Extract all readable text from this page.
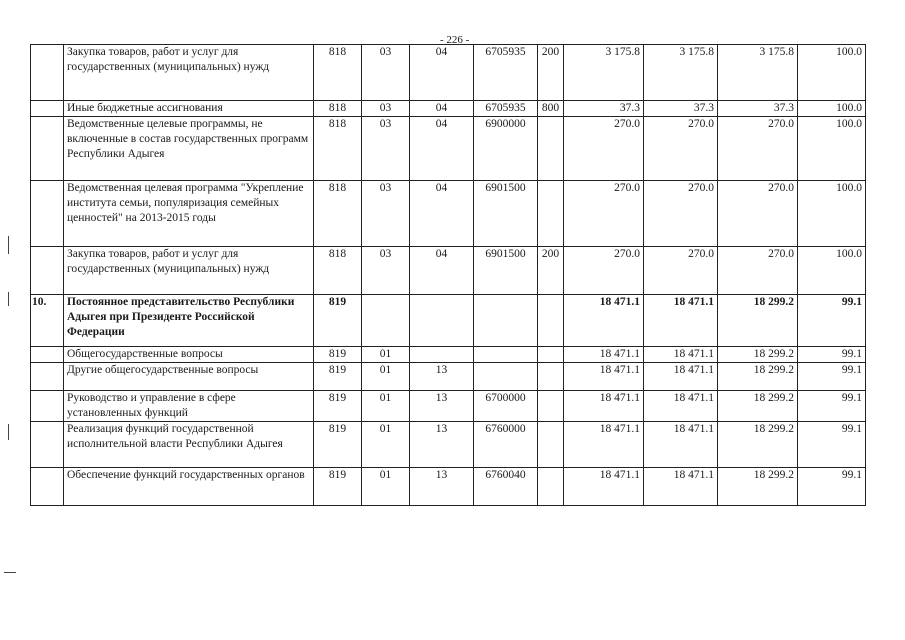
- 226 -
	Закупка товаров, работ и услуг для государственных (муниципальных) нужд	818	03	04	6705935	200	3 175.8	3 175.8	3 175.8	100.0
	Иные бюджетные ассигнования	818	03	04	6705935	800	37.3	37.3	37.3	100.0
	Ведомственные целевые программы, не включенные в состав государственных программ Республики Адыгея	818	03	04	6900000		270.0	270.0	270.0	100.0
	Ведомственная целевая программа "Укрепление института семьи, популяризация семейных ценностей" на 2013-2015 годы	818	03	04	6901500		270.0	270.0	270.0	100.0
	Закупка товаров, работ и услуг для государственных (муниципальных) нужд	818	03	04	6901500	200	270.0	270.0	270.0	100.0
10.	Постоянное представительство Республики Адыгея при Президенте Российской Федерации	819					18 471.1	18 471.1	18 299.2	99.1
	Общегосударственные вопросы	819	01				18 471.1	18 471.1	18 299.2	99.1
	Другие общегосударственные вопросы	819	01	13			18 471.1	18 471.1	18 299.2	99.1
	Руководство и управление в сфере установленных функций	819	01	13	6700000		18 471.1	18 471.1	18 299.2	99.1
	Реализация функций государственной исполнительной власти Республики Адыгея	819	01	13	6760000		18 471.1	18 471.1	18 299.2	99.1
	Обеспечение функций государственных органов	819	01	13	6760040		18 471.1	18 471.1	18 299.2	99.1
